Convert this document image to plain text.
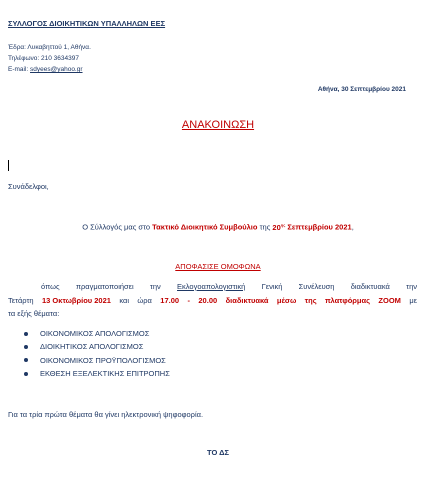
ΣΥΛΛΟΓΟΣ ΔΙΟΙΚΗΤΙΚΩΝ ΥΠΑΛΛΗΛΩΝ ΕΕΣ
Έδρα: Λυκαβηττού 1, Αθήνα.
Τηλέφωνο: 210 3634397
E-mail: sdyees@yahoo.gr
Αθήνα, 30 Σεπτεμβρίου 2021
ΑΝΑΚΟΙΝΩΣΗ
Συνάδελφοι,
Ο Σύλλογός μας στο Τακτικό Διοικητικό Συμβούλιο της $20^{\eta\varsigma}$ Σεπτεμβρίου 2021,
ΑΠΟΦΑΣΙΣΕ ΟΜΟΦΩΝΑ
όπως πραγματοποιήσει την Εκλογοαπολογιστική Γενική Συνέλευση διαδικτυακά την
Τετάρτη 13 Οκτωβρίου 2021 και ώρα 17.00 - 20.00 διαδικτυακά μέσω της πλατφόρμας ZOOM με
τα εξής θέματα:
ΟΙΚΟΝΟΜΙΚΟΣ ΑΠΟΛΟΓΙΣΜΟΣ
ΔΙΟΙΚΗΤΙΚΟΣ ΑΠΟΛΟΓΙΣΜΟΣ
ΟΙΚΟΝΟΜΙΚΟΣ ΠΡΟΫΠΟΛΟΓΙΣΜΟΣ
ΕΚΘΕΣΗ ΕΞΕΛΕΚΤΙΚΗΣ ΕΠΙΤΡΟΠΗΣ
Για τα τρία πρώτα θέματα θα γίνει ηλεκτρονική ψηφοφορία.
ΤΟ ΔΣ
